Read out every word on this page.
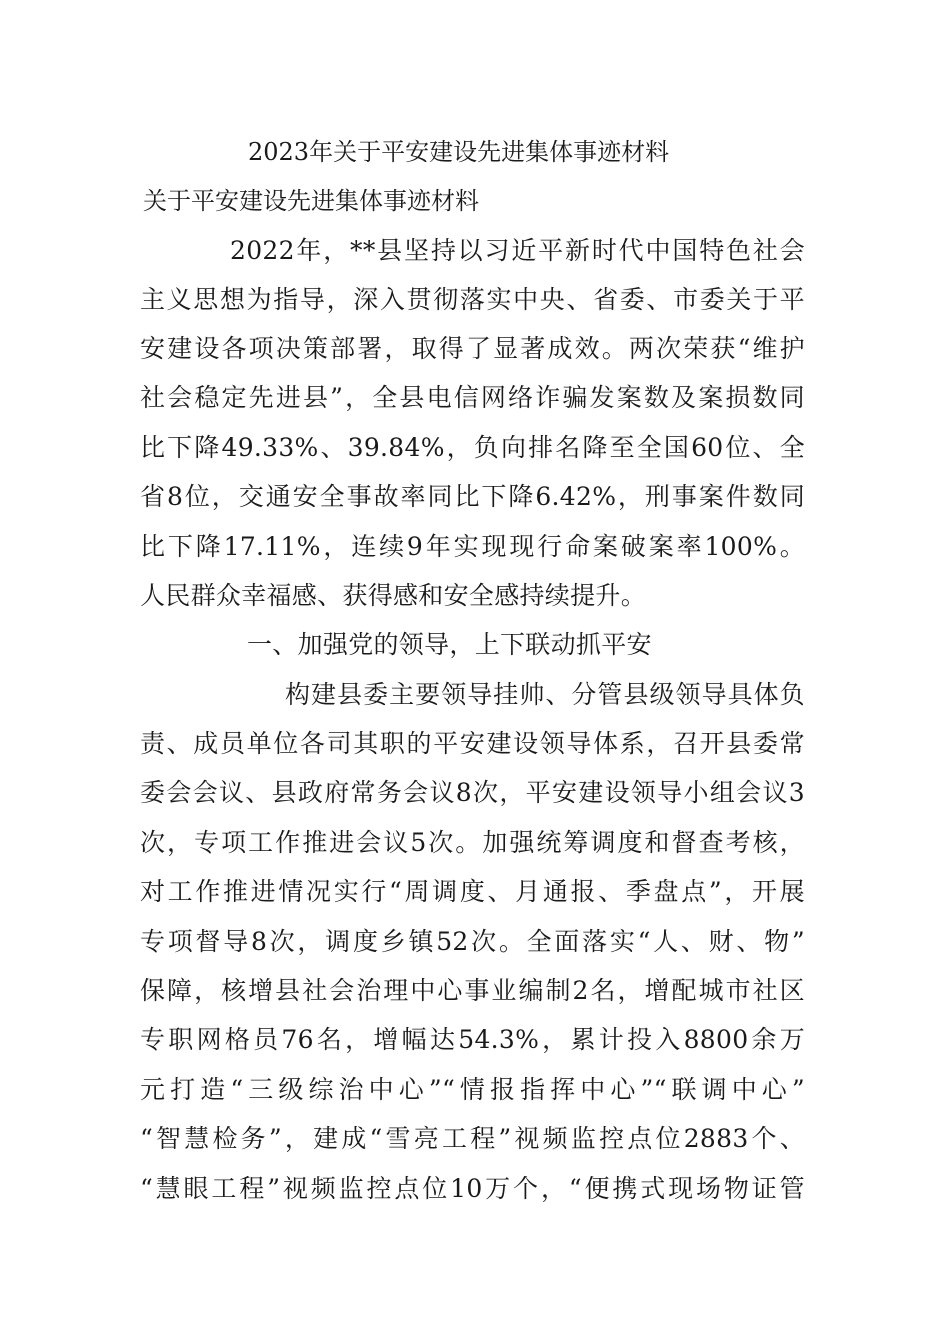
2023年关于平安建设先进集体事迹材料
关于平安建设先进集体事迹材料
2022年，**县坚持以习近平新时代中国特色社会
主义思想为指导，深入贯彻落实中央、省委、市委关于平
安建设各项决策部署，取得了显著成效。两次荣获“维护
社会稳定先进县”，全县电信网络诈骗发案数及案损数同
比下降49.33%、39.84%，负向排名降至全国60位、全
省8位，交通安全事故率同比下降6.42%，刑事案件数同
比下降17.11%，连续9年实现现行命案破案率100%。
人民群众幸福感、获得感和安全感持续提升。
一、加强党的领导，上下联动抓平安
构建县委主要领导挂帅、分管县级领导具体负
责、成员单位各司其职的平安建设领导体系，召开县委常
委会会议、县政府常务会议8次，平安建设领导小组会议3
次，专项工作推进会议5次。加强统筹调度和督查考核，
对工作推进情况实行“周调度、月通报、季盘点”，开展
专项督导8次，调度乡镇52次。全面落实“人、财、物”
保障，核增县社会治理中心事业编制2名，增配城市社区
专职网格员76名，增幅达54.3%，累计投入8800余万
元打造“三级综治中心”“情报指挥中心”“联调中心”
“智慧检务”，建成“雪亮工程”视频监控点位2883个、
“慧眼工程”视频监控点位10万个，“便携式现场物证管
